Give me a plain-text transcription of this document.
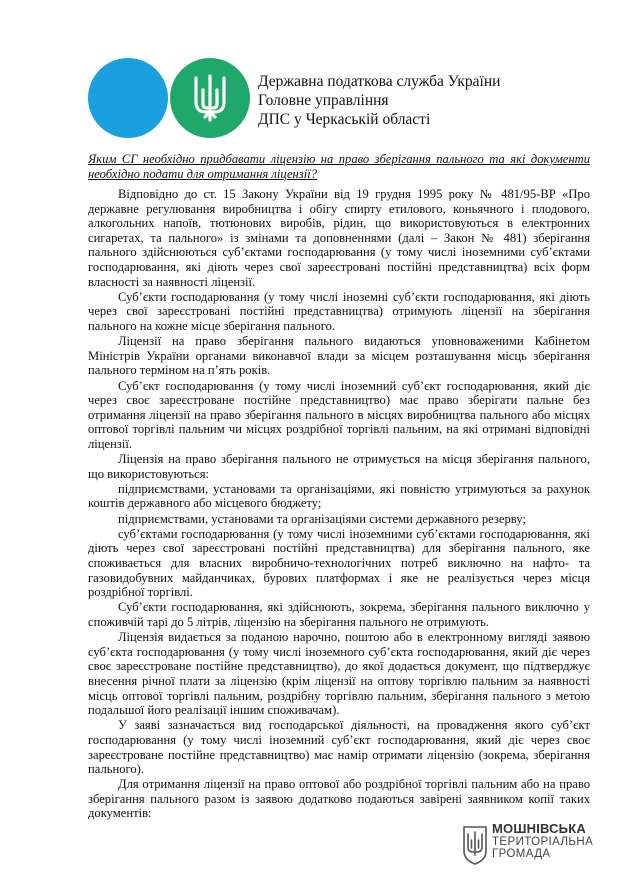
Державна податкова служба України
Головне управління
ДПС у Черкаській області
Яким СГ необхідно придбавати ліцензію на право зберігання пального та які документи необхідно подати для отримання ліцензії?

Відповідно до ст. 15 Закону України від 19 грудня 1995 року № 481/95-ВР «Про державне регулювання виробництва і обігу спирту етилового, коньячного і плодового, алкогольних напоїв, тютюнових виробів, рідин, що використовуються в електронних сигаретах, та пального» із змінами та доповненнями (далі – Закон № 481) зберігання пального здійснюються суб’єктами господарювання (у тому числі іноземними суб’єктами господарювання, які діють через свої зареєстровані постійні представництва) всіх форм власності за наявності ліцензії.

Суб’єкти господарювання (у тому числі іноземні суб’єкти господарювання, які діють через свої зареєстровані постійні представництва) отримують ліцензії на зберігання пального на кожне місце зберігання пального.

Ліцензії на право зберігання пального видаються уповноваженими Кабінетом Міністрів України органами виконавчої влади за місцем розташування місць зберігання пального терміном на п’ять років.

Суб’єкт господарювання (у тому числі іноземний суб’єкт господарювання, який діє через своє зареєстроване постійне представництво) має право зберігати пальне без отримання ліцензії на право зберігання пального в місцях виробництва пального або місцях оптової торгівлі пальним чи місцях роздрібної торгівлі пальним, на які отримані відповідні ліцензії.

Ліцензія на право зберігання пального не отримується на місця зберігання пального, що використовуються:

підприємствами, установами та організаціями, які повністю утримуються за рахунок коштів державного або місцевого бюджету;

підприємствами, установами та організаціями системи державного резерву;

суб’єктами господарювання (у тому числі іноземними суб’єктами господарювання, які діють через свої зареєстровані постійні представництва) для зберігання пального, яке споживається для власних виробничо-технологічних потреб виключно на нафто- та газовидобувних майданчиках, бурових платформах і яке не реалізується через місця роздрібної торгівлі.

Суб’єкти господарювання, які здійснюють, зокрема, зберігання пального виключно у споживчій тарі до 5 літрів, ліцензію на зберігання пального не отримують.

Ліцензія видається за поданою нарочно, поштою або в електронному вигляді заявою суб’єкта господарювання (у тому числі іноземного суб’єкта господарювання, який діє через своє зареєстроване постійне представництво), до якої додається документ, що підтверджує внесення річної плати за ліцензію (крім ліцензії на оптову торгівлю пальним за наявності місць оптової торгівлі пальним, роздрібну торгівлю пальним, зберігання пального з метою подальшої його реалізації іншим споживачам).

У заяві зазначається вид господарської діяльності, на провадження якого суб’єкт господарювання (у тому числі іноземний суб’єкт господарювання, який діє через своє зареєстроване постійне представництво) має намір отримати ліцензію (зокрема, зберігання пального).

Для отримання ліцензії на право оптової або роздрібної торгівлі пальним або на право зберігання пального разом із заявою додатково подаються завірені заявником копії таких документів:

МОШНІВСЬКА
ТЕРИТОРІАЛЬНА
ГРОМАДА
